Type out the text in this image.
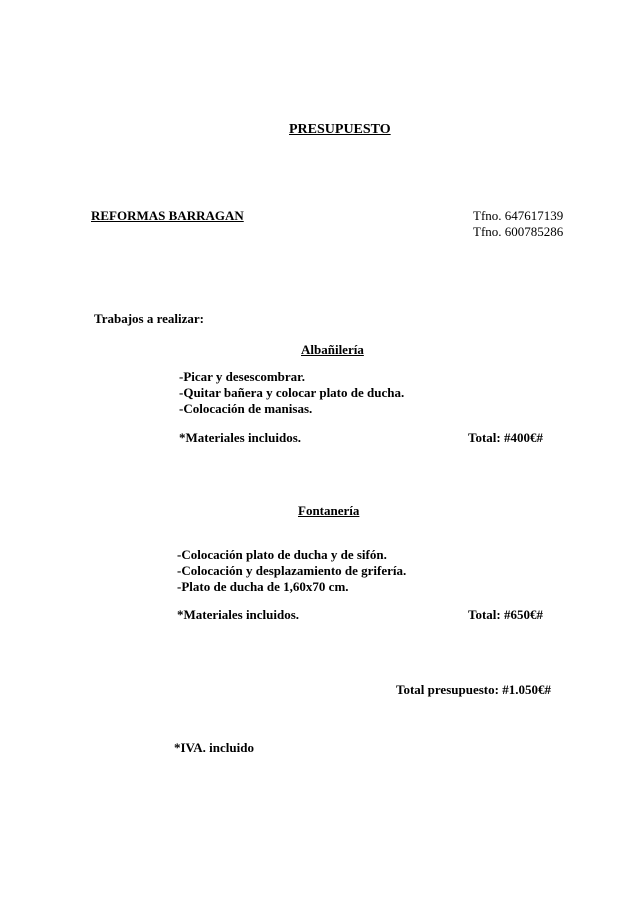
PRESUPUESTO
REFORMAS BARRAGAN	Tfno. 647617139
Tfno. 600785286
Trabajos a realizar:
Albañilería
-Picar y desescombrar.
-Quitar bañera y colocar plato de ducha.
-Colocación de manisas.
*Materiales incluidos.	Total: #400€#
Fontanería
-Colocación plato de ducha y de sifón.
-Colocación y desplazamiento de grifería.
-Plato de ducha de 1,60x70 cm.
*Materiales incluidos.	Total: #650€#
Total presupuesto: #1.050€#
*IVA. incluido
